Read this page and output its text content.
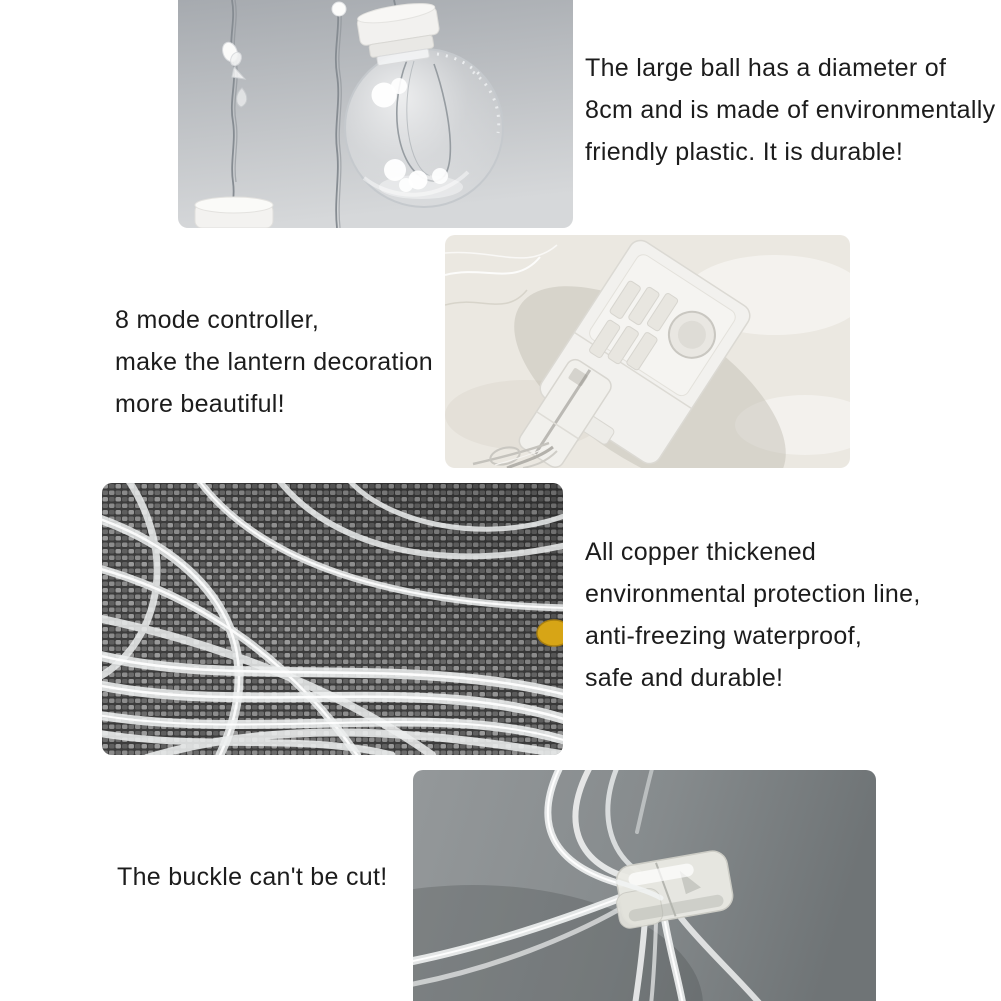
The large ball has a diameter of
8cm and is made of environmentally
friendly plastic. It is durable!
8 mode controller,
make the lantern decoration
more beautiful!
All copper thickened
environmental protection line,
anti-freezing waterproof,
safe and durable!
The buckle can't be cut!
